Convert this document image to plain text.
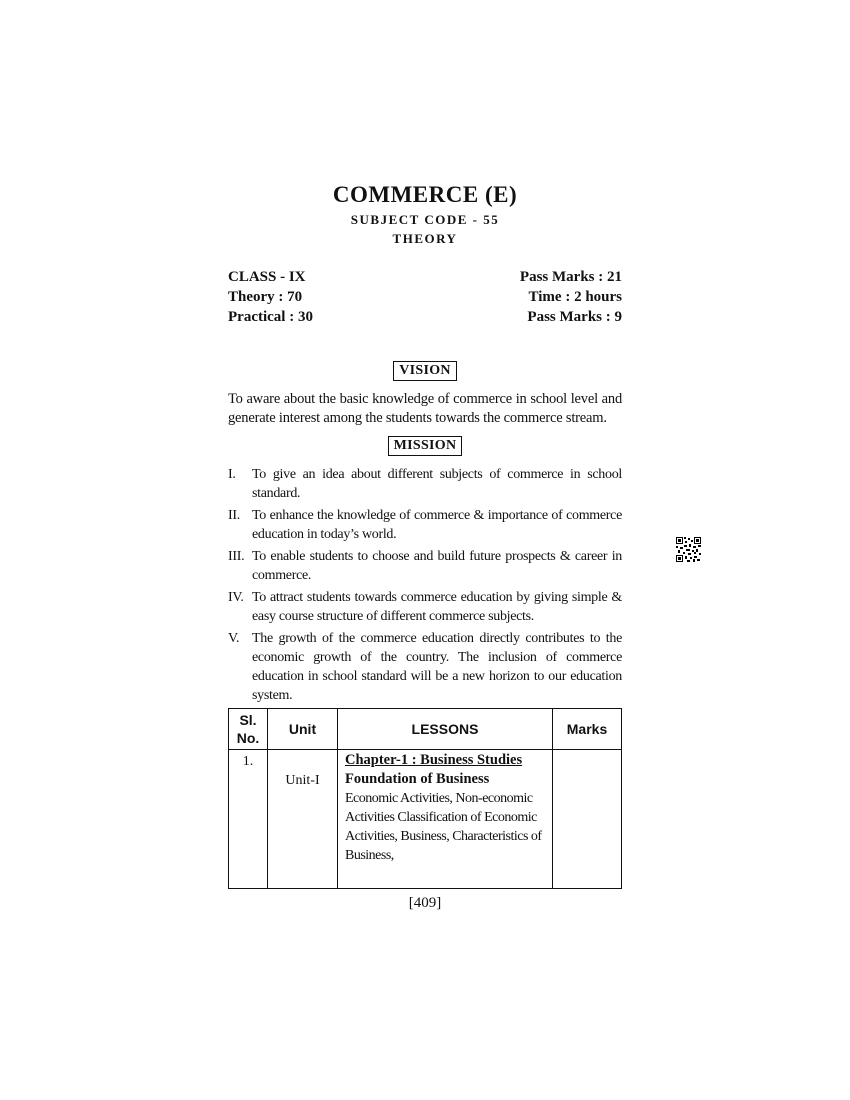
COMMERCE (E)
SUBJECT CODE - 55
THEORY
CLASS - IX	Pass Marks : 21
Theory : 70	Time : 2 hours
Practical : 30	Pass Marks : 9
VISION
To aware about the basic knowledge of commerce in school level and generate interest among the students towards the commerce stream.
MISSION
I.	To give an idea about different subjects of commerce in school standard.
II. To enhance the knowledge of commerce & importance of commerce education in today’s world.
III. To enable students to choose and build future prospects & career in commerce.
IV. To attract students towards commerce education by giving simple & easy course structure of different commerce subjects.
V. The growth of the commerce education directly contributes to the economic growth of the country. The inclusion of commerce education in school standard will be a new horizon to our education system.
Sl. No.	Unit	LESSONS	Marks
1.	Unit-I	Chapter-1 : Business Studies
Foundation of Business
Economic Activities, Non-economic Activities Classification of Economic Activities, Business, Characteristics of Business,	

[409]
